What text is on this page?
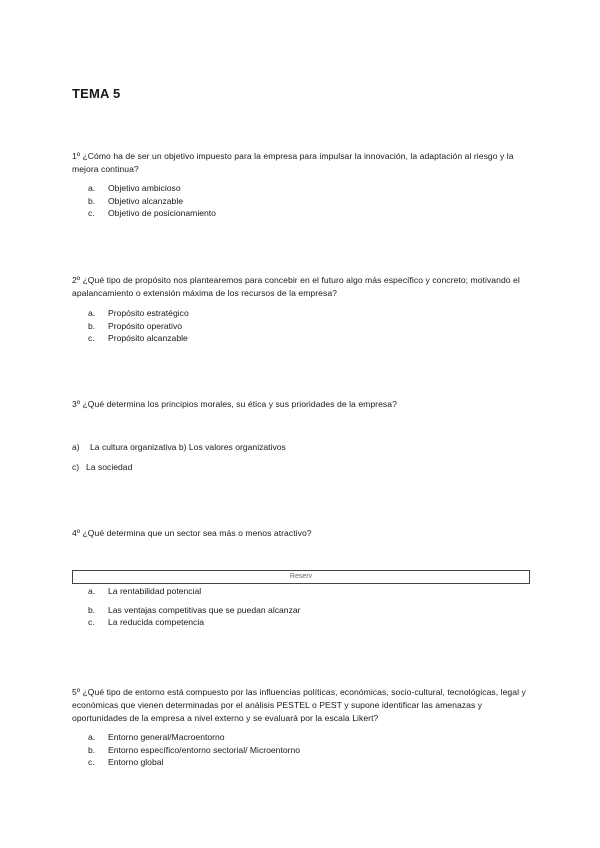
TEMA 5
1º ¿Cómo ha de ser un objetivo impuesto para la empresa para impulsar la innovación, la adaptación al riesgo y la mejora continua?
a.	Objetivo ambicioso
b.	Objetivo alcanzable
c.	Objetivo de posicionamiento
2º ¿Qué tipo de propósito nos plantearemos para concebir en el futuro algo más específico y concreto; motivando el apalancamiento o extensión máxima de los recursos de la empresa?
a.	Propósito estratégico
b.	Propósito operativo
c.	Propósito alcanzable
3º ¿Qué determina los principios morales, su ética y sus prioridades de la empresa?
a) La cultura organizativa b) Los valores organizativos
c) La sociedad
4º ¿Qué determina que un sector sea más o menos atractivo?
Reserv
a.	La rentabilidad potencial
b.	Las ventajas competitivas que se puedan alcanzar
c.	La reducida competencia
5º ¿Qué tipo de entorno está compuesto por las influencias políticas, económicas, socio-cultural, tecnológicas, legal y económicas que vienen determinadas por el análisis PESTEL o PEST y supone identificar las amenazas y oportunidades de la empresa a nivel externo y se evaluará por la escala Likert?
a.	Entorno general/Macroentorno
b.	Entorno específico/entorno sectorial/ Microentorno
c.	Entorno global
